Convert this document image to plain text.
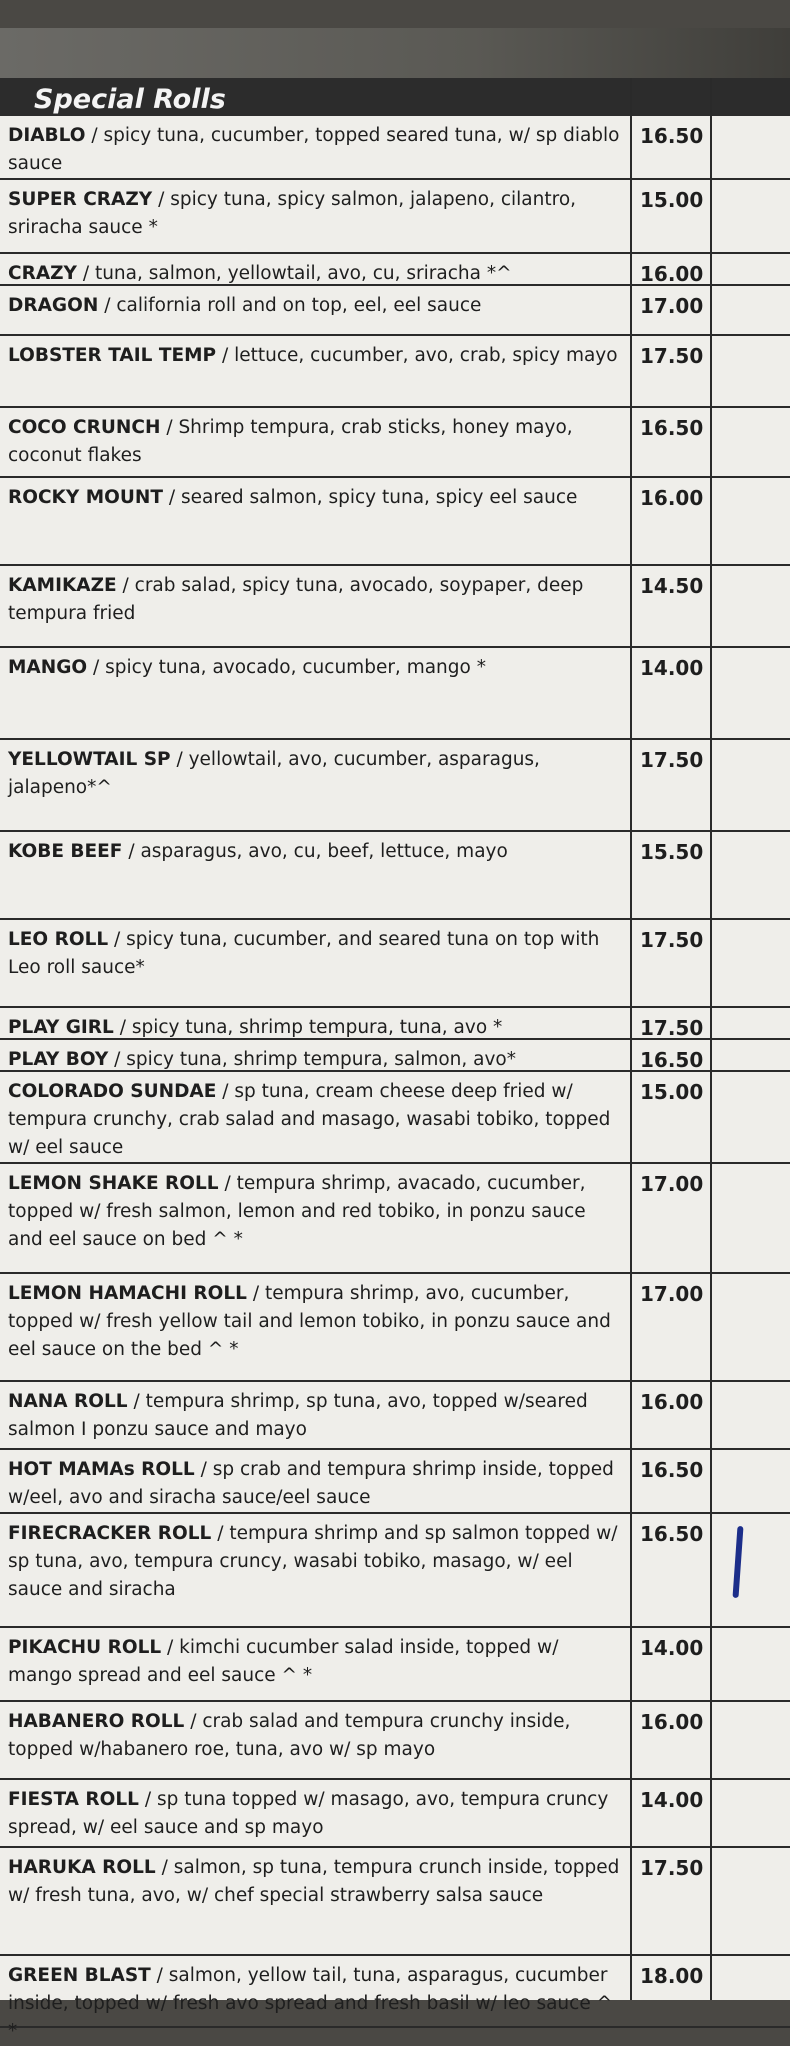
Special Rolls
DIABLO / spicy tuna, cucumber, topped seared tuna, w/ sp diablo sauce
16.50
SUPER CRAZY / spicy tuna, spicy salmon, jalapeno, cilantro, sriracha sauce *
15.00
CRAZY / tuna, salmon, yellowtail, avo, cu, sriracha *^	16.00
DRAGON / california roll and on top, eel, eel sauce	17.00
LOBSTER TAIL TEMP / lettuce, cucumber, avo, crab, spicy mayo 17.50
COCO CRUNCH / Shrimp tempura, crab sticks, honey mayo, coconut flakes
16.50
ROCKY MOUNT / seared salmon, spicy tuna, spicy eel sauce	16.00
KAMIKAZE / crab salad, spicy tuna, avocado, soypaper, deep tempura fried
14.50
MANGO / spicy tuna, avocado, cucumber, mango *	14.00
YELLOWTAIL SP / yellowtail, avo, cucumber, asparagus, jalapeno*^
17.50
KOBE BEEF / asparagus, avo, cu, beef, lettuce, mayo	15.50
LEO ROLL / spicy tuna, cucumber, and seared tuna on top with Leo roll sauce*
17.50
PLAY GIRL / spicy tuna, shrimp tempura, tuna, avo *	17.50
PLAY BOY / spicy tuna, shrimp tempura, salmon, avo*	16.50
COLORADO SUNDAE / sp tuna, cream cheese deep fried w/ tempura crunchy, crab salad and masago, wasabi tobiko, topped w/ eel sauce
15.00
LEMON SHAKE ROLL / tempura shrimp, avacado, cucumber, topped w/ fresh salmon, lemon and red tobiko, in ponzu sauce and eel sauce on bed ^ *
17.00
LEMON HAMACHI ROLL / tempura shrimp, avo, cucumber, topped w/ fresh yellow tail and lemon tobiko, in ponzu sauce and eel sauce on the bed ^ *
17.00
NANA ROLL / tempura shrimp, sp tuna, avo, topped w/seared salmon I ponzu sauce and mayo
16.00
HOT MAMAs ROLL / sp crab and tempura shrimp inside, topped w/eel, avo and siracha sauce/eel sauce
16.50
FIRECRACKER ROLL / tempura shrimp and sp salmon topped w/ sp tuna, avo, tempura cruncy, wasabi tobiko, masago, w/ eel sauce and siracha
16.50
PIKACHU ROLL / kimchi cucumber salad inside, topped w/ mango spread and eel sauce ^ *
14.00
HABANERO ROLL / crab salad and tempura crunchy inside, topped w/habanero roe, tuna, avo w/ sp mayo
16.00
FIESTA ROLL / sp tuna topped w/ masago, avo, tempura cruncy spread, w/ eel sauce and sp mayo
14.00
HARUKA ROLL / salmon, sp tuna, tempura crunch inside, topped w/ fresh tuna, avo, w/ chef special strawberry salsa sauce
17.50
GREEN BLAST / salmon, yellow tail, tuna, asparagus, cucumber inside, topped w/ fresh avo spread and fresh basil w/ leo sauce ^ *
18.00
